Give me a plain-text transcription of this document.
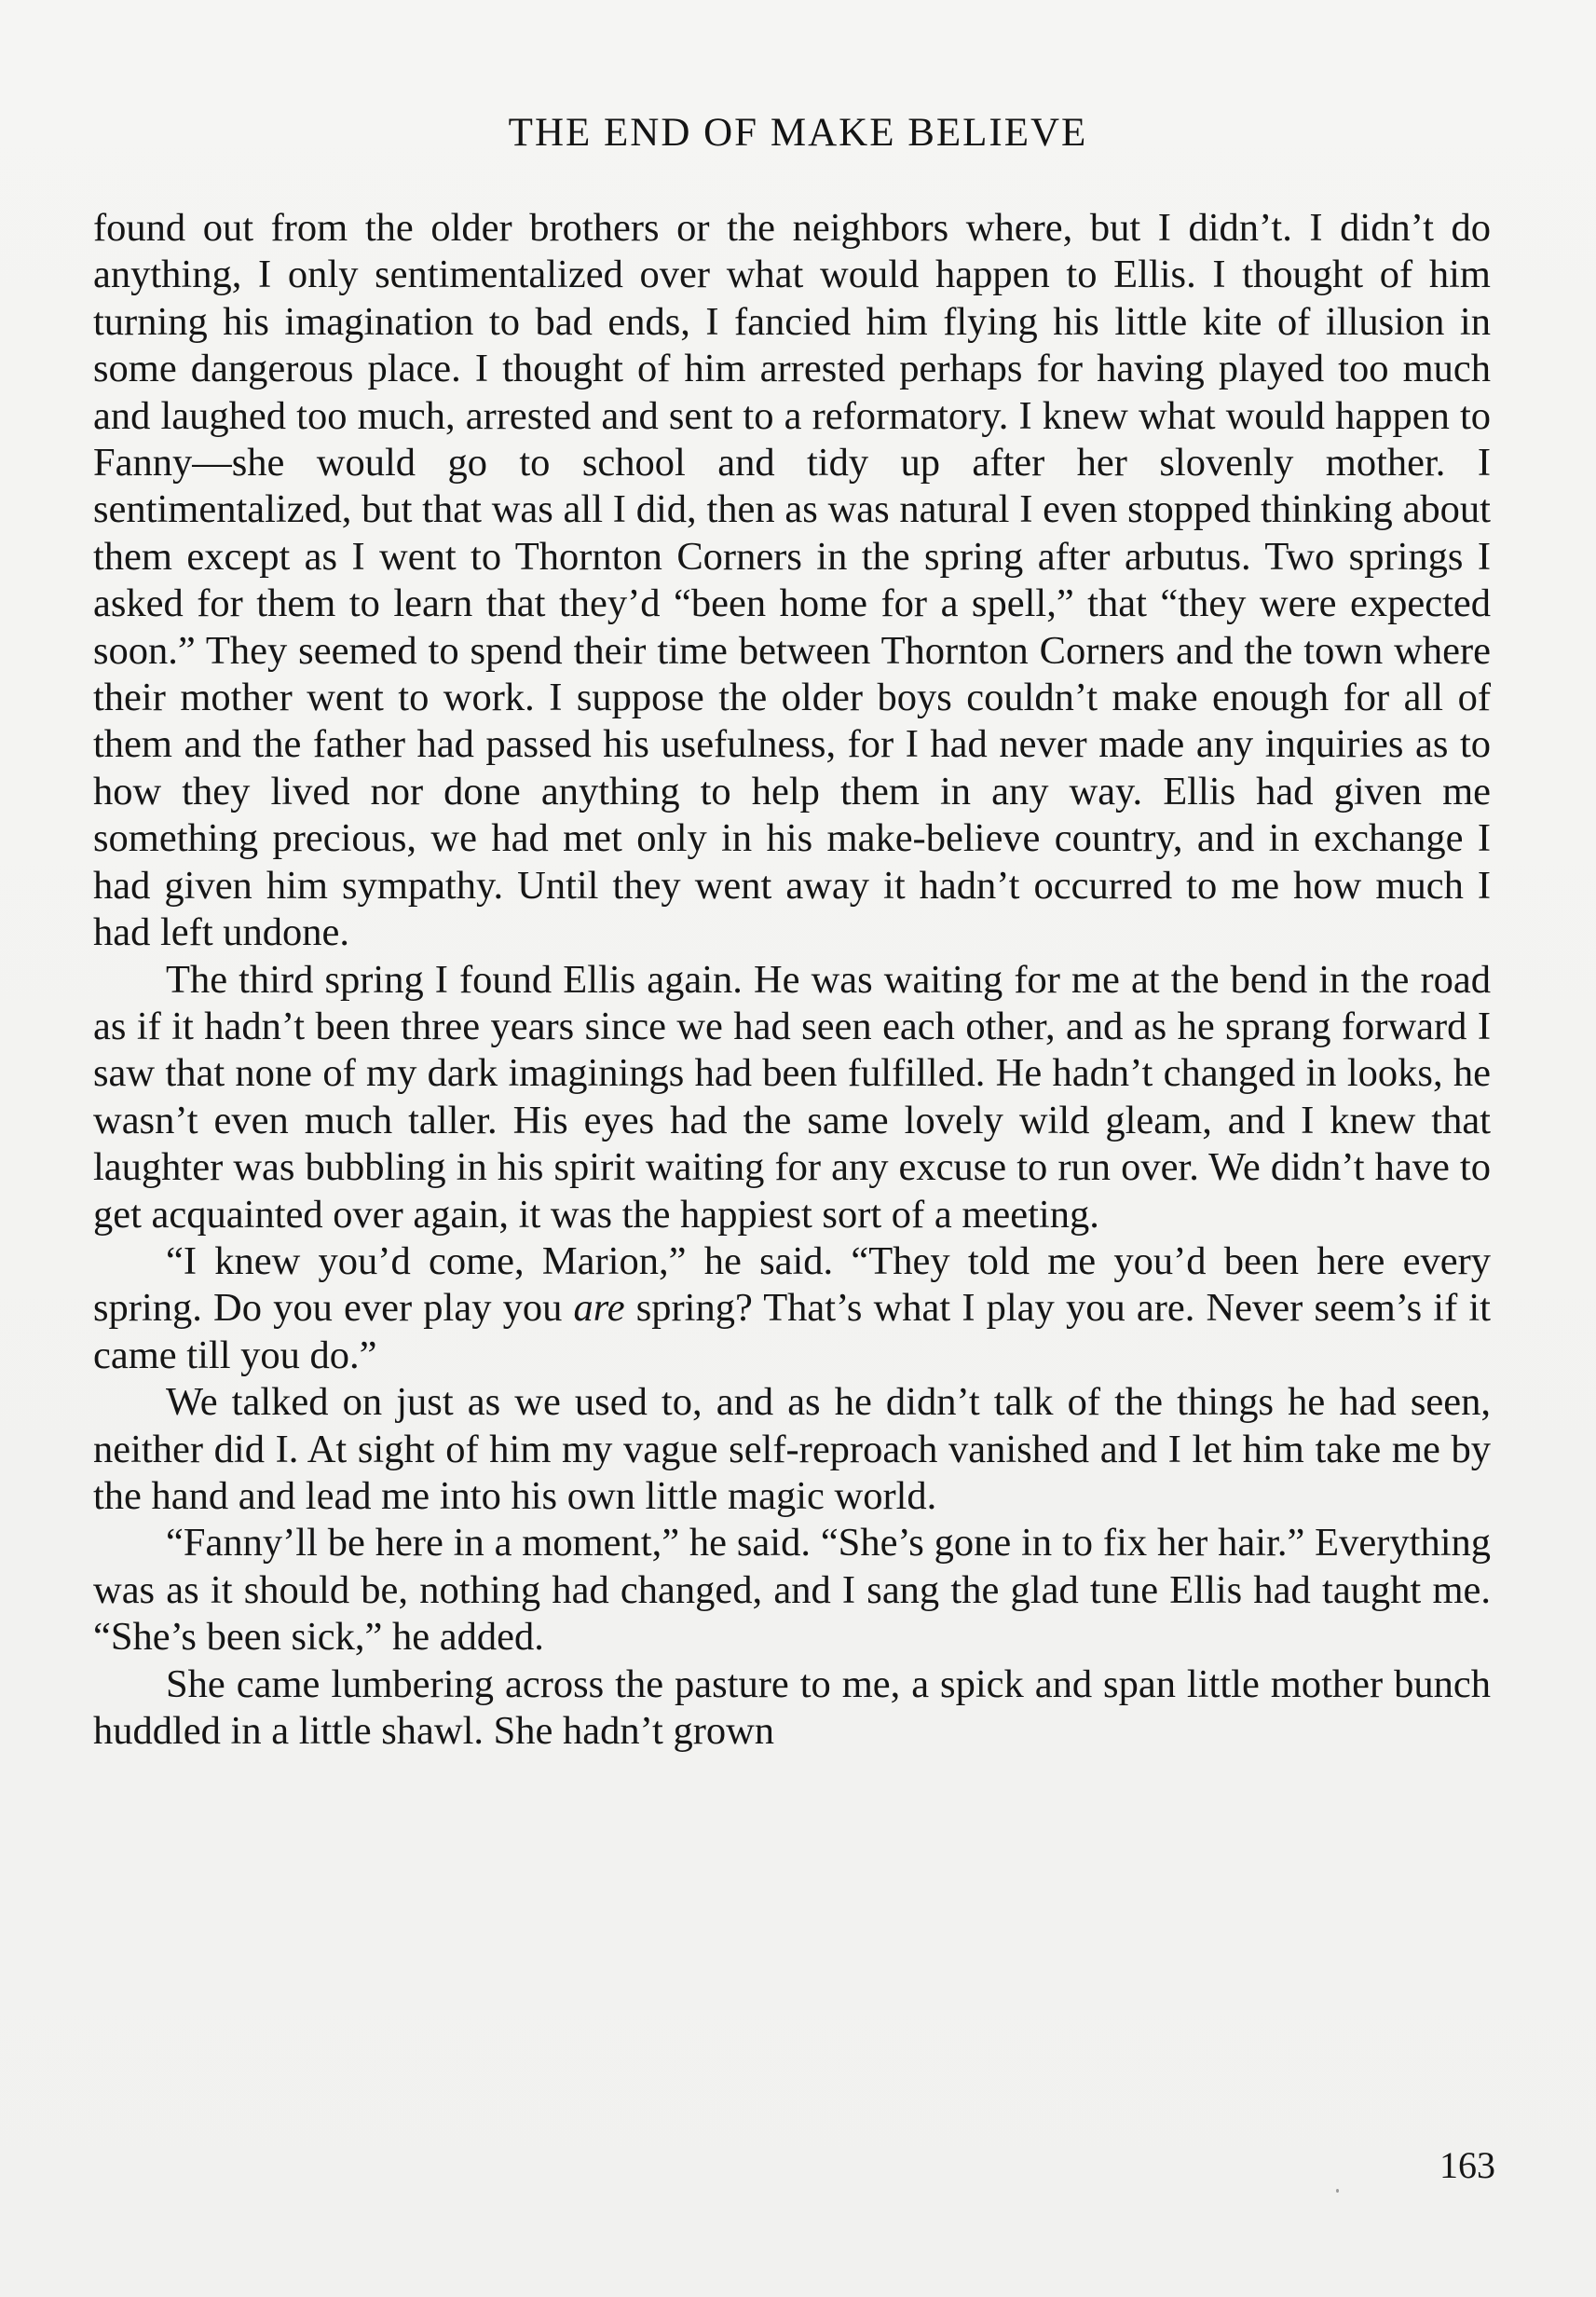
THE END OF MAKE BELIEVE

found out from the older brothers or the neighbors where, but I didn’t. I didn’t do anything, I only sentimentalized over what would happen to Ellis. I thought of him turning his imagination to bad ends, I fancied him flying his little kite of illusion in some dangerous place. I thought of him arrested perhaps for having played too much and laughed too much, arrested and sent to a reformatory. I knew what would happen to Fanny—she would go to school and tidy up after her slovenly mother. I sentimentalized, but that was all I did, then as was natural I even stopped thinking about them except as I went to Thornton Corners in the spring after arbutus. Two springs I asked for them to learn that they’d “been home for a spell,” that “they were expected soon.” They seemed to spend their time between Thornton Corners and the town where their mother went to work. I suppose the older boys couldn’t make enough for all of them and the father had passed his usefulness, for I had never made any inquiries as to how they lived nor done anything to help them in any way. Ellis had given me something precious, we had met only in his make-believe country, and in exchange I had given him sympathy. Until they went away it hadn’t occurred to me how much I had left undone.

The third spring I found Ellis again. He was waiting for me at the bend in the road as if it hadn’t been three years since we had seen each other, and as he sprang forward I saw that none of my dark imaginings had been fulfilled. He hadn’t changed in looks, he wasn’t even much taller. His eyes had the same lovely wild gleam, and I knew that laughter was bubbling in his spirit waiting for any excuse to run over. We didn’t have to get acquainted over again, it was the happiest sort of a meeting.

“I knew you’d come, Marion,” he said. “They told me you’d been here every spring. Do you ever play you are spring? That’s what I play you are. Never seem’s if it came till you do.”

We talked on just as we used to, and as he didn’t talk of the things he had seen, neither did I. At sight of him my vague self-reproach vanished and I let him take me by the hand and lead me into his own little magic world.

“Fanny’ll be here in a moment,” he said. “She’s gone in to fix her hair.” Everything was as it should be, nothing had changed, and I sang the glad tune Ellis had taught me. “She’s been sick,” he added.

She came lumbering across the pasture to me, a spick and span little mother bunch huddled in a little shawl. She hadn’t grown

163
